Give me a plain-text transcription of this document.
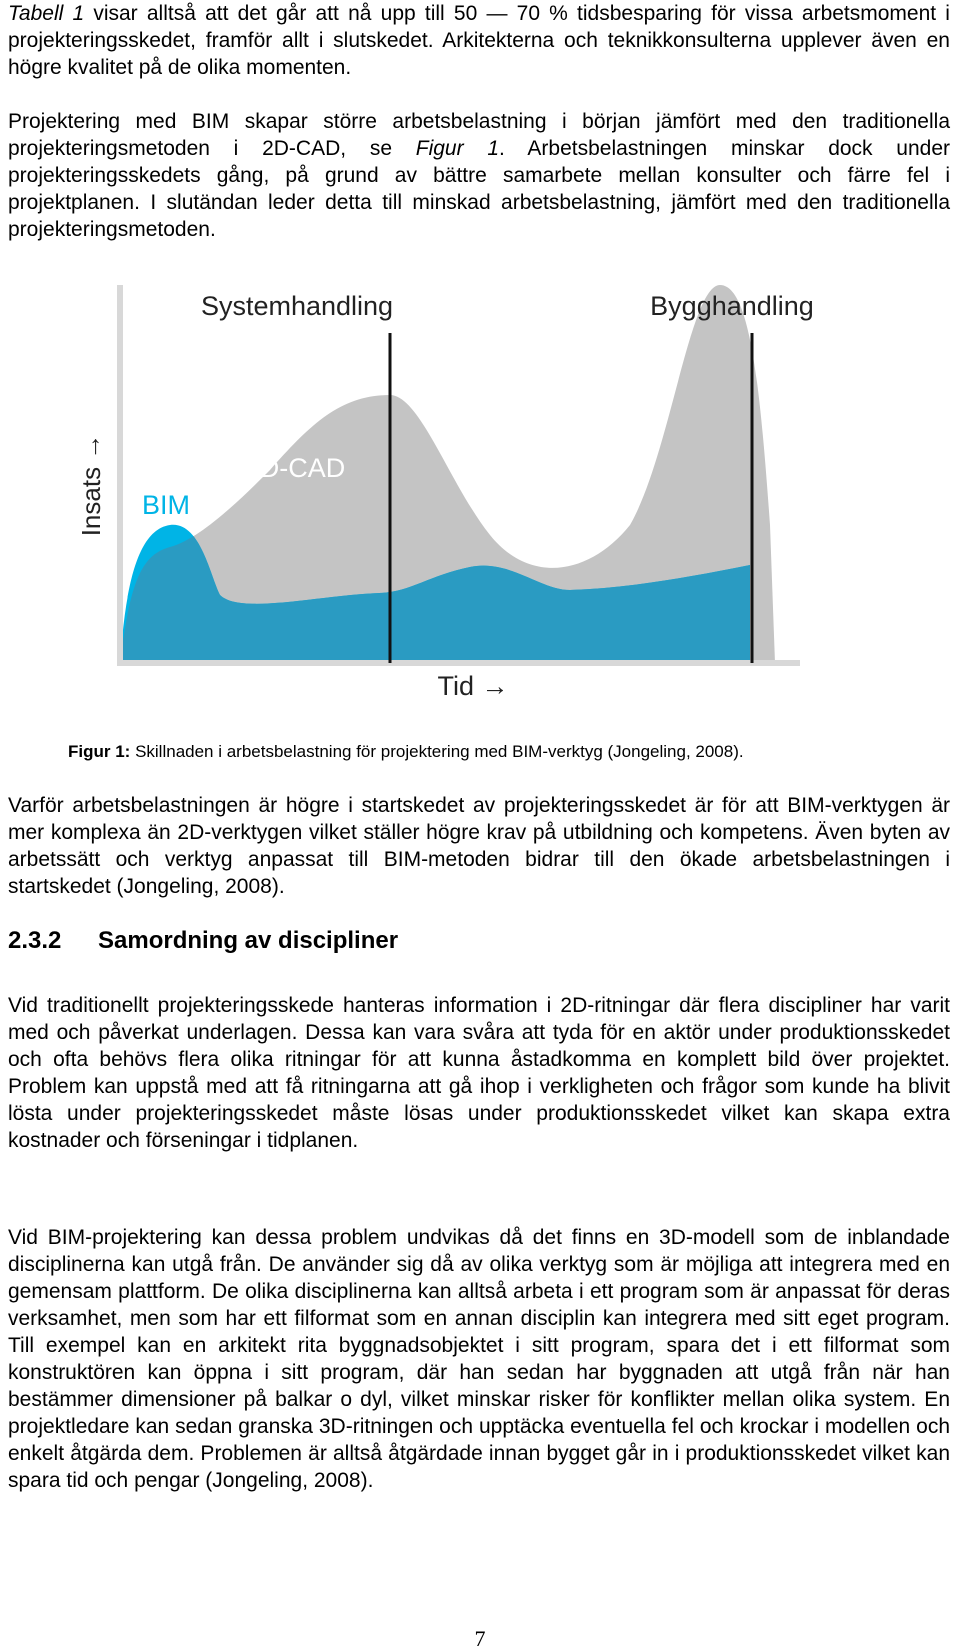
Tabell 1 visar alltså att det går att nå upp till 50 — 70 % tidsbesparing för vissa arbetsmoment i projekteringsskedet, framför allt i slutskedet. Arkitekterna och teknikkonsulterna upplever även en högre kvalitet på de olika momenten.

Projektering med BIM skapar större arbetsbelastning i början jämfört med den traditionella projekteringsmetoden i 2D-CAD, se Figur 1. Arbetsbelastningen minskar dock under projekteringsskedets gång, på grund av bättre samarbete mellan konsulter och färre fel i projektplanen. I slutändan leder detta till minskad arbetsbelastning, jämfört med den traditionella projekteringsmetoden.

Systemhandling	Bygghandling
2D-CAD
BIM
Insats →
Tid →

Figur 1: Skillnaden i arbetsbelastning för projektering med BIM-verktyg (Jongeling, 2008).

Varför arbetsbelastningen är högre i startskedet av projekteringsskedet är för att BIM-verktygen är mer komplexa än 2D-verktygen vilket ställer högre krav på utbildning och kompetens. Även byten av arbetssätt och verktyg anpassat till BIM-metoden bidrar till den ökade arbetsbelastningen i startskedet (Jongeling, 2008).

2.3.2 Samordning av discipliner

Vid traditionellt projekteringsskede hanteras information i 2D-ritningar där flera discipliner har varit med och påverkat underlagen. Dessa kan vara svåra att tyda för en aktör under produktionsskedet och ofta behövs flera olika ritningar för att kunna åstadkomma en komplett bild över projektet. Problem kan uppstå med att få ritningarna att gå ihop i verkligheten och frågor som kunde ha blivit lösta under projekteringsskedet måste lösas under produktionsskedet vilket kan skapa extra kostnader och förseningar i tidplanen.

Vid BIM-projektering kan dessa problem undvikas då det finns en 3D-modell som de inblandade disciplinerna kan utgå från. De använder sig då av olika verktyg som är möjliga att integrera med en gemensam plattform. De olika disciplinerna kan alltså arbeta i ett program som är anpassat för deras verksamhet, men som har ett filformat som en annan disciplin kan integrera med sitt eget program. Till exempel kan en arkitekt rita byggnadsobjektet i sitt program, spara det i ett filformat som konstruktören kan öppna i sitt program, där han sedan har byggnaden att utgå från när han bestämmer dimensioner på balkar o dyl, vilket minskar risker för konflikter mellan olika system. En projektledare kan sedan granska 3D-ritningen och upptäcka eventuella fel och krockar i modellen och enkelt åtgärda dem. Problemen är alltså åtgärdade innan bygget går in i produktionsskedet vilket kan spara tid och pengar (Jongeling, 2008).

7
